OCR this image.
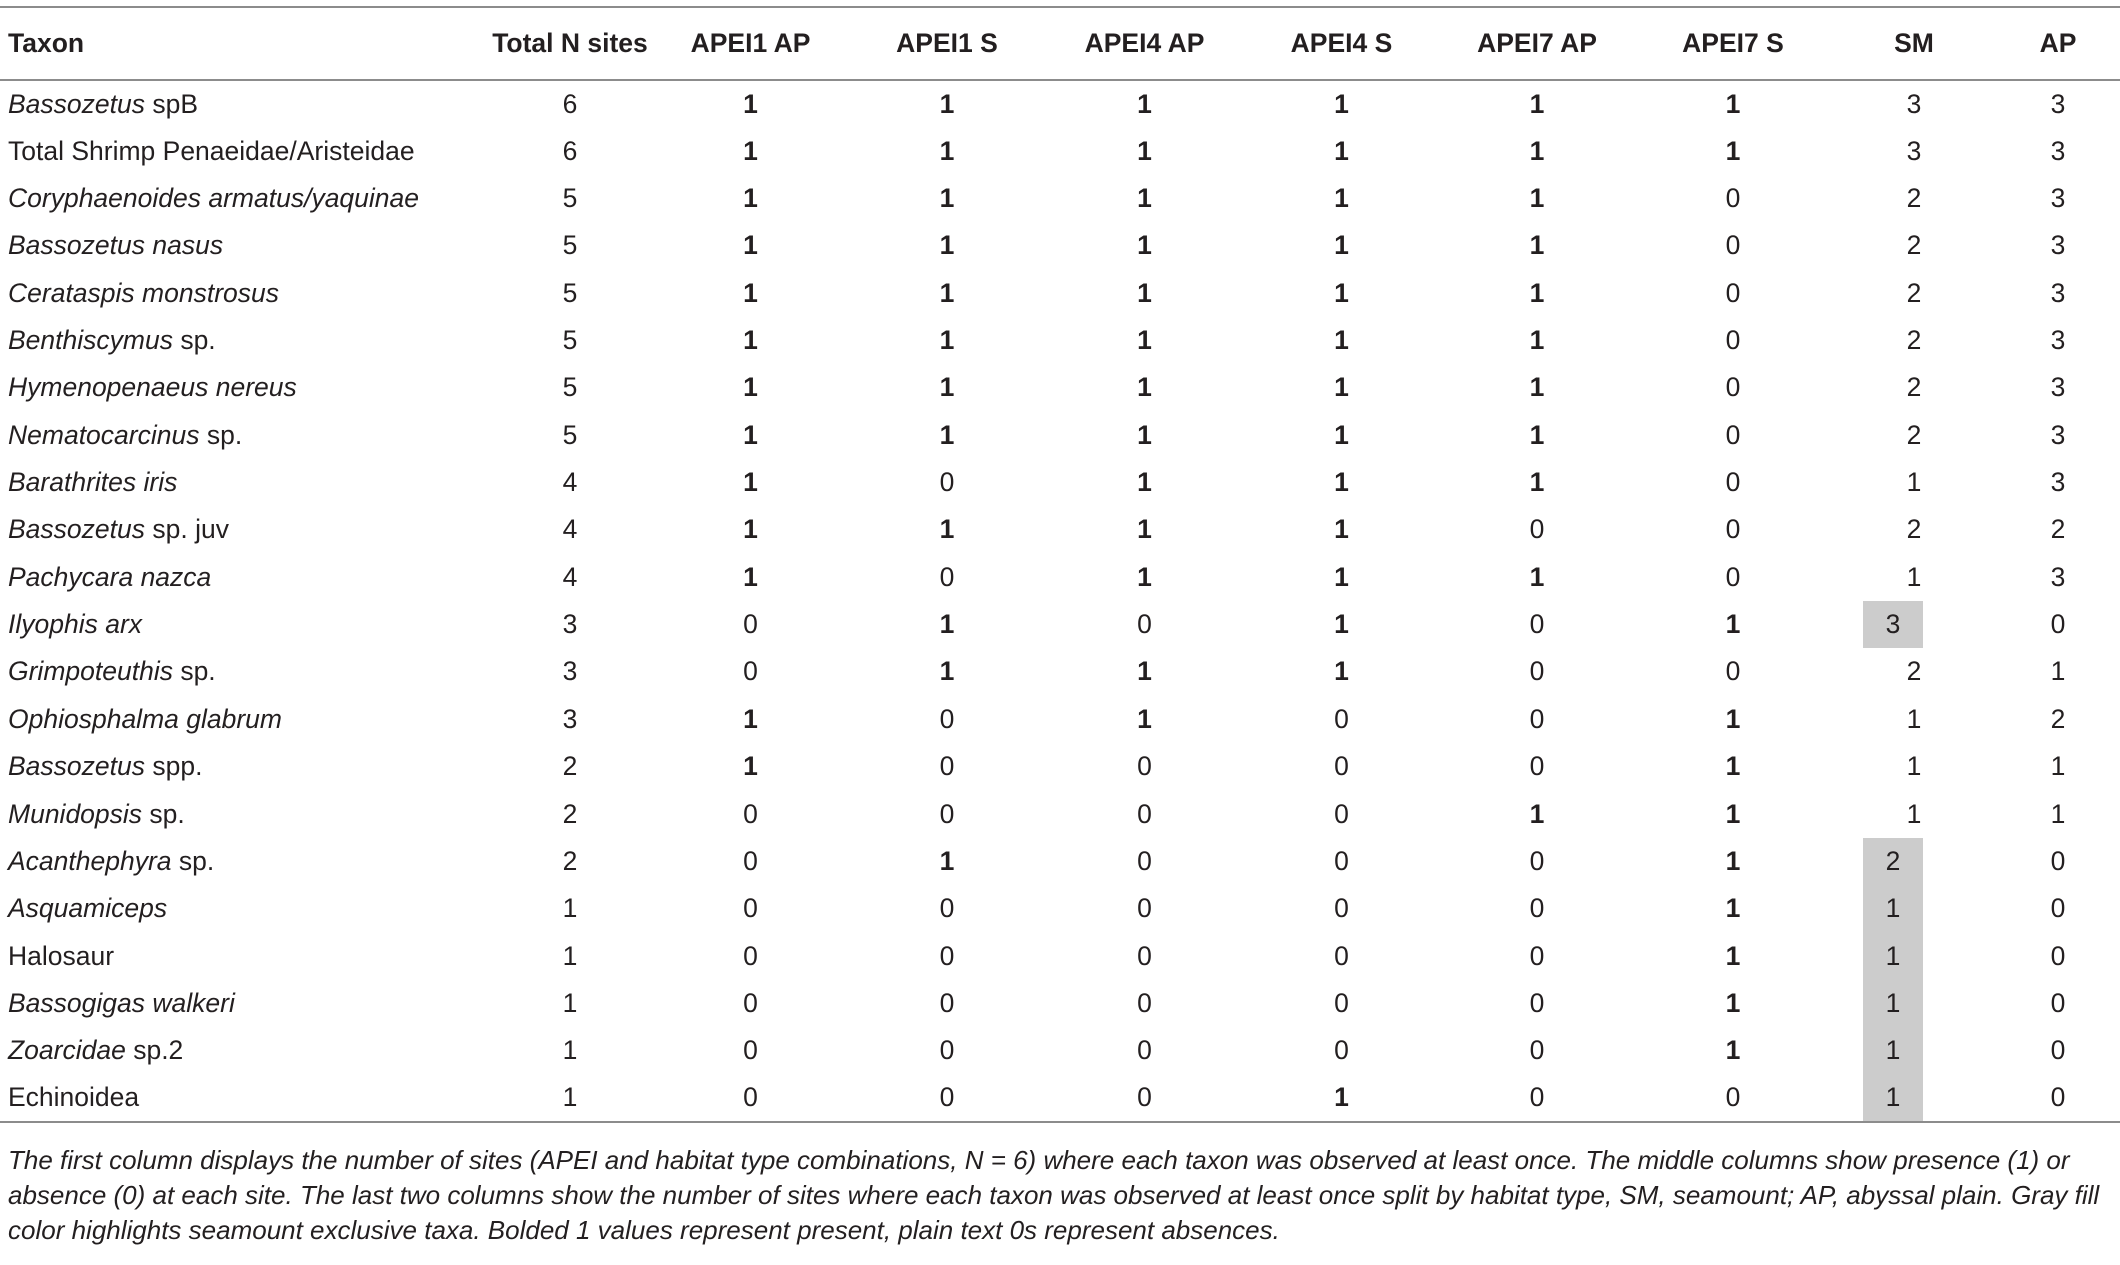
Taxon	Total N sites	APEI1 AP	APEI1 S	APEI4 AP	APEI4 S	APEI7 AP	APEI7 S	SM	AP
Bassozetus spB	6	1	1	1	1	1	1	3	3
Total Shrimp Penaeidae/Aristeidae	6	1	1	1	1	1	1	3	3
Coryphaenoides armatus/yaquinae	5	1	1	1	1	1	0	2	3
Bassozetus nasus	5	1	1	1	1	1	0	2	3
Cerataspis monstrosus	5	1	1	1	1	1	0	2	3
Benthiscymus sp.	5	1	1	1	1	1	0	2	3
Hymenopenaeus nereus	5	1	1	1	1	1	0	2	3
Nematocarcinus sp.	5	1	1	1	1	1	0	2	3
Barathrites iris	4	1	0	1	1	1	0	1	3
Bassozetus sp. juv	4	1	1	1	1	0	0	2	2
Pachycara nazca	4	1	0	1	1	1	0	1	3
Ilyophis arx	3	0	1	0	1	0	1	3	0
Grimpoteuthis sp.	3	0	1	1	1	0	0	2	1
Ophiosphalma glabrum	3	1	0	1	0	0	1	1	2
Bassozetus spp.	2	1	0	0	0	0	1	1	1
Munidopsis sp.	2	0	0	0	0	1	1	1	1
Acanthephyra sp.	2	0	1	0	0	0	1	2	0
Asquamiceps	1	0	0	0	0	0	1	1	0
Halosaur	1	0	0	0	0	0	1	1	0
Bassogigas walkeri	1	0	0	0	0	0	1	1	0
Zoarcidae sp.2	1	0	0	0	0	0	1	1	0
Echinoidea	1	0	0	0	1	0	0	1	0

The first column displays the number of sites (APEI and habitat type combinations, N = 6) where each taxon was observed at least once. The middle columns show presence (1) or absence (0) at each site. The last two columns show the number of sites where each taxon was observed at least once split by habitat type, SM, seamount; AP, abyssal plain. Gray fill color highlights seamount exclusive taxa. Bolded 1 values represent present, plain text 0s represent absences.
